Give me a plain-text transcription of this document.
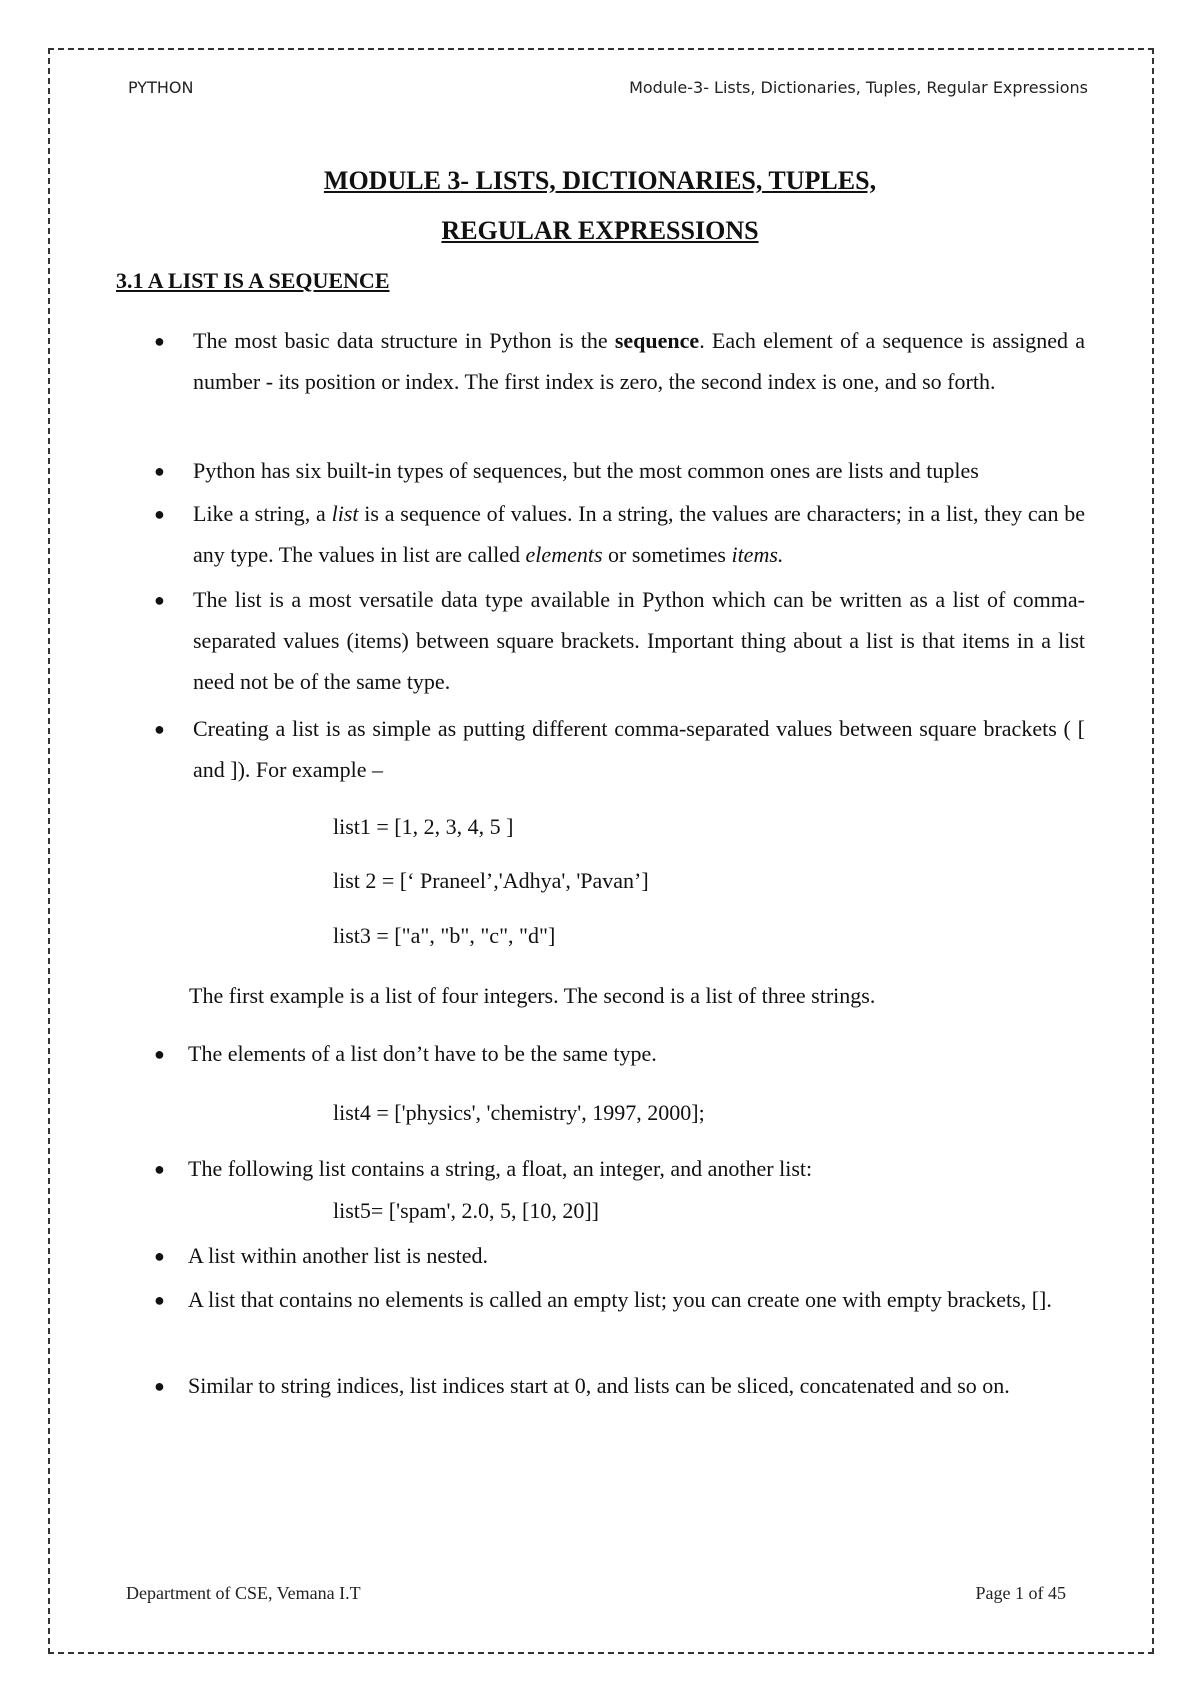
PYTHON	Module-3- Lists, Dictionaries, Tuples, Regular Expressions
MODULE 3- LISTS, DICTIONARIES, TUPLES,
REGULAR EXPRESSIONS
3.1 A LIST IS A SEQUENCE
● The most basic data structure in Python is the sequence. Each element of a sequence is assigned a number - its position or index. The first index is zero, the second index is one, and so forth.
● Python has six built-in types of sequences, but the most common ones are lists and tuples
● Like a string, a list is a sequence of values. In a string, the values are characters; in a list, they can be any type. The values in list are called elements or sometimes items.
● The list is a most versatile data type available in Python which can be written as a list of comma-separated values (items) between square brackets. Important thing about a list is that items in a list need not be of the same type.
● Creating a list is as simple as putting different comma-separated values between square brackets ( [ and ]). For example –
list1 = [1, 2, 3, 4, 5 ]
list 2 = [‘ Praneel’,'Adhya', 'Pavan’]
list3 = ["a", "b", "c", "d"]
The first example is a list of four integers. The second is a list of three strings.
● The elements of a list don’t have to be the same type.
list4 = ['physics', 'chemistry', 1997, 2000];
● The following list contains a string, a float, an integer, and another list:
list5= ['spam', 2.0, 5, [10, 20]]
● A list within another list is nested.
● A list that contains no elements is called an empty list; you can create one with empty brackets, [].
● Similar to string indices, list indices start at 0, and lists can be sliced, concatenated and so on.
Department of CSE, Vemana I.T	Page 1 of 45
